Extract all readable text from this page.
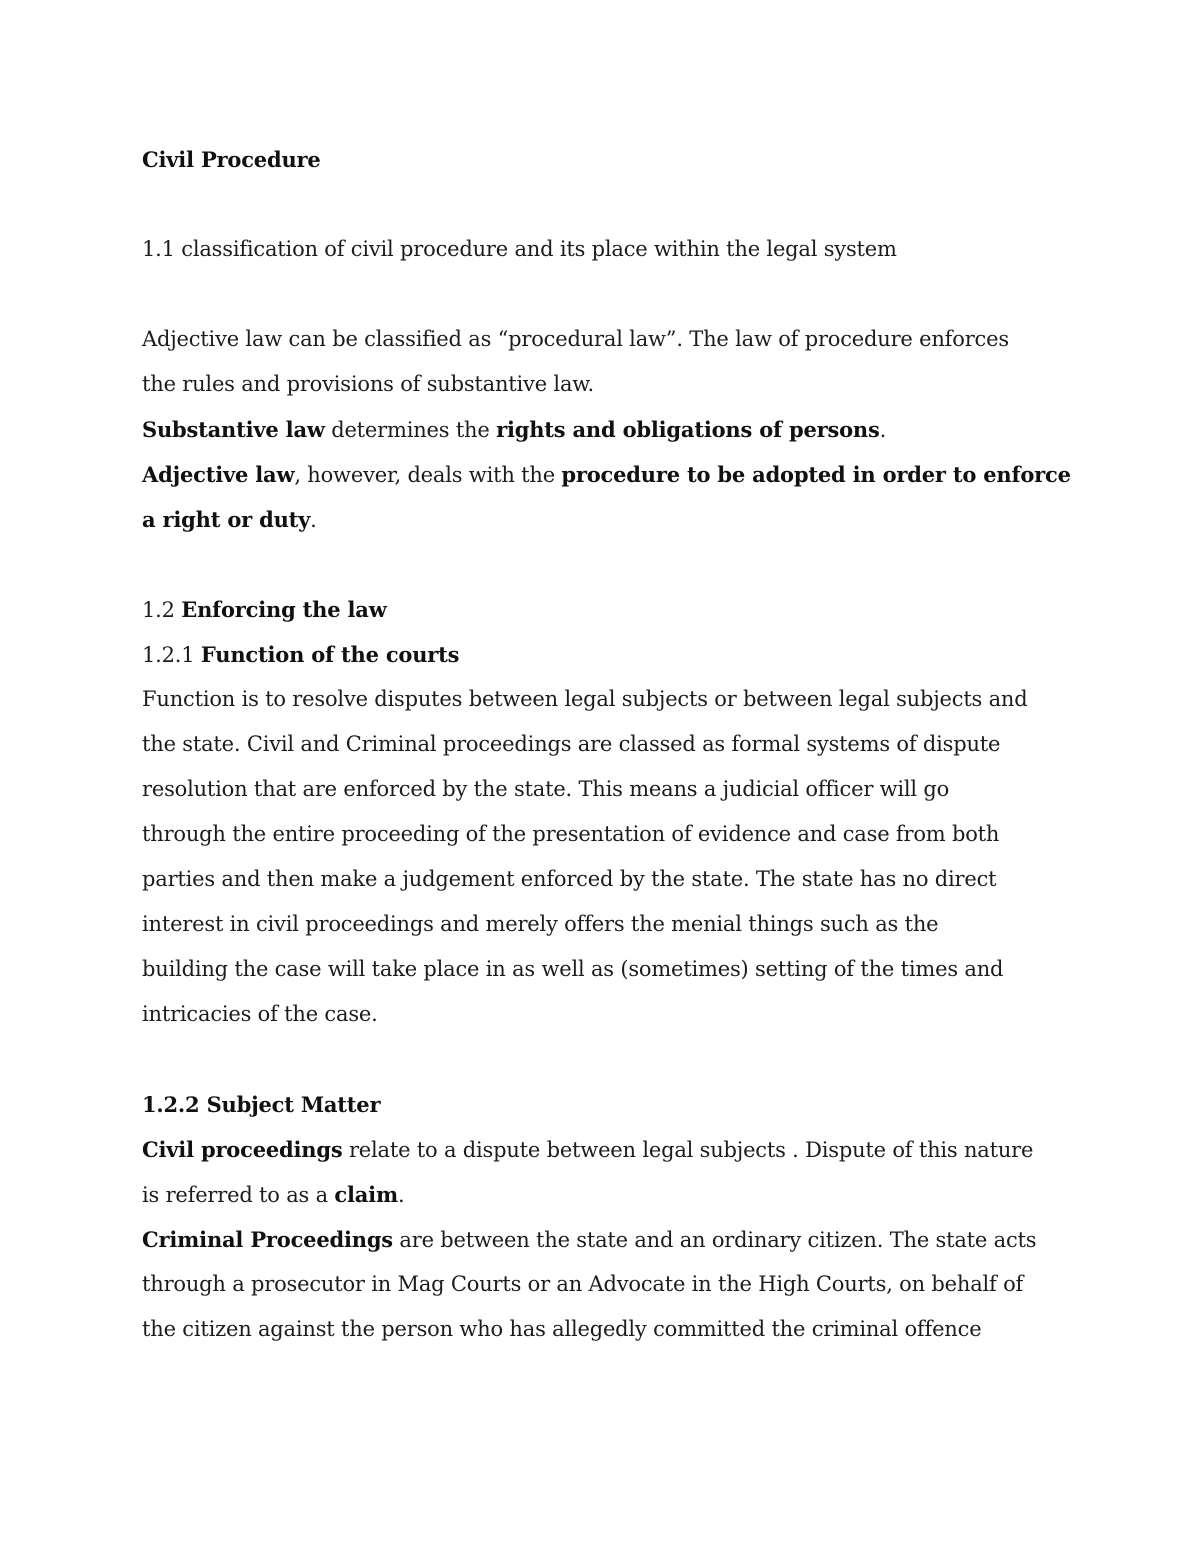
Civil Procedure
1.1 classification of civil procedure and its place within the legal system
Adjective law can be classified as “procedural law”. The law of procedure enforces
the rules and provisions of substantive law.
Substantive law determines the rights and obligations of persons.
Adjective law, however, deals with the procedure to be adopted in order to enforce
a right or duty.
1.2 Enforcing the law
1.2.1 Function of the courts
Function is to resolve disputes between legal subjects or between legal subjects and
the state. Civil and Criminal proceedings are classed as formal systems of dispute
resolution that are enforced by the state. This means a judicial officer will go
through the entire proceeding of the presentation of evidence and case from both
parties and then make a judgement enforced by the state. The state has no direct
interest in civil proceedings and merely offers the menial things such as the
building the case will take place in as well as (sometimes) setting of the times and
intricacies of the case.
1.2.2 Subject Matter
Civil proceedings relate to a dispute between legal subjects . Dispute of this nature
is referred to as a claim.
Criminal Proceedings are between the state and an ordinary citizen. The state acts
through a prosecutor in Mag Courts or an Advocate in the High Courts, on behalf of
the citizen against the person who has allegedly committed the criminal offence
